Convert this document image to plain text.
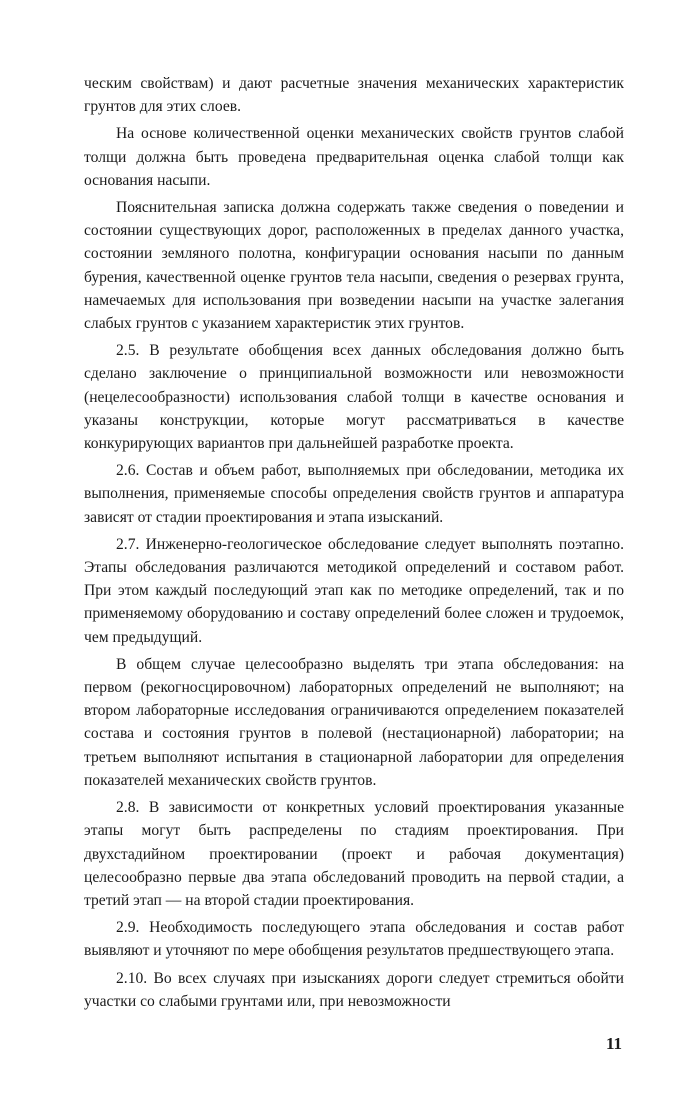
ческим свойствам) и дают расчетные значения механических характеристик грунтов для этих слоев.

На основе количественной оценки механических свойств грунтов слабой толщи должна быть проведена предварительная оценка слабой толщи как основания насыпи.

Пояснительная записка должна содержать также сведения о поведении и состоянии существующих дорог, расположенных в пределах данного участка, состоянии земляного полотна, конфигурации основания насыпи по данным бурения, качественной оценке грунтов тела насыпи, сведения о резервах грунта, намечаемых для использования при возведении насыпи на участке залегания слабых грунтов с указанием характеристик этих грунтов.

2.5. В результате обобщения всех данных обследования должно быть сделано заключение о принципиальной возможности или невозможности (нецелесообразности) использования слабой толщи в качестве основания и указаны конструкции, которые могут рассматриваться в качестве конкурирующих вариантов при дальнейшей разработке проекта.

2.6. Состав и объем работ, выполняемых при обследовании, методика их выполнения, применяемые способы определения свойств грунтов и аппаратура зависят от стадии проектирования и этапа изысканий.

2.7. Инженерно-геологическое обследование следует выполнять поэтапно. Этапы обследования различаются методикой определений и составом работ. При этом каждый последующий этап как по методике определений, так и по применяемому оборудованию и составу определений более сложен и трудоемок, чем предыдущий.

В общем случае целесообразно выделять три этапа обследования: на первом (рекогносцировочном) лабораторных определений не выполняют; на втором лабораторные исследования ограничиваются определением показателей состава и состояния грунтов в полевой (нестационарной) лаборатории; на третьем выполняют испытания в стационарной лаборатории для определения показателей механических свойств грунтов.

2.8. В зависимости от конкретных условий проектирования указанные этапы могут быть распределены по стадиям проектирования. При двухстадийном проектировании (проект и рабочая документация) целесообразно первые два этапа обследований проводить на первой стадии, а третий этап — на второй стадии проектирования.

2.9. Необходимость последующего этапа обследования и состав работ выявляют и уточняют по мере обобщения результатов предшествующего этапа.

2.10. Во всех случаях при изысканиях дороги следует стремиться обойти участки со слабыми грунтами или, при невозможности

11
